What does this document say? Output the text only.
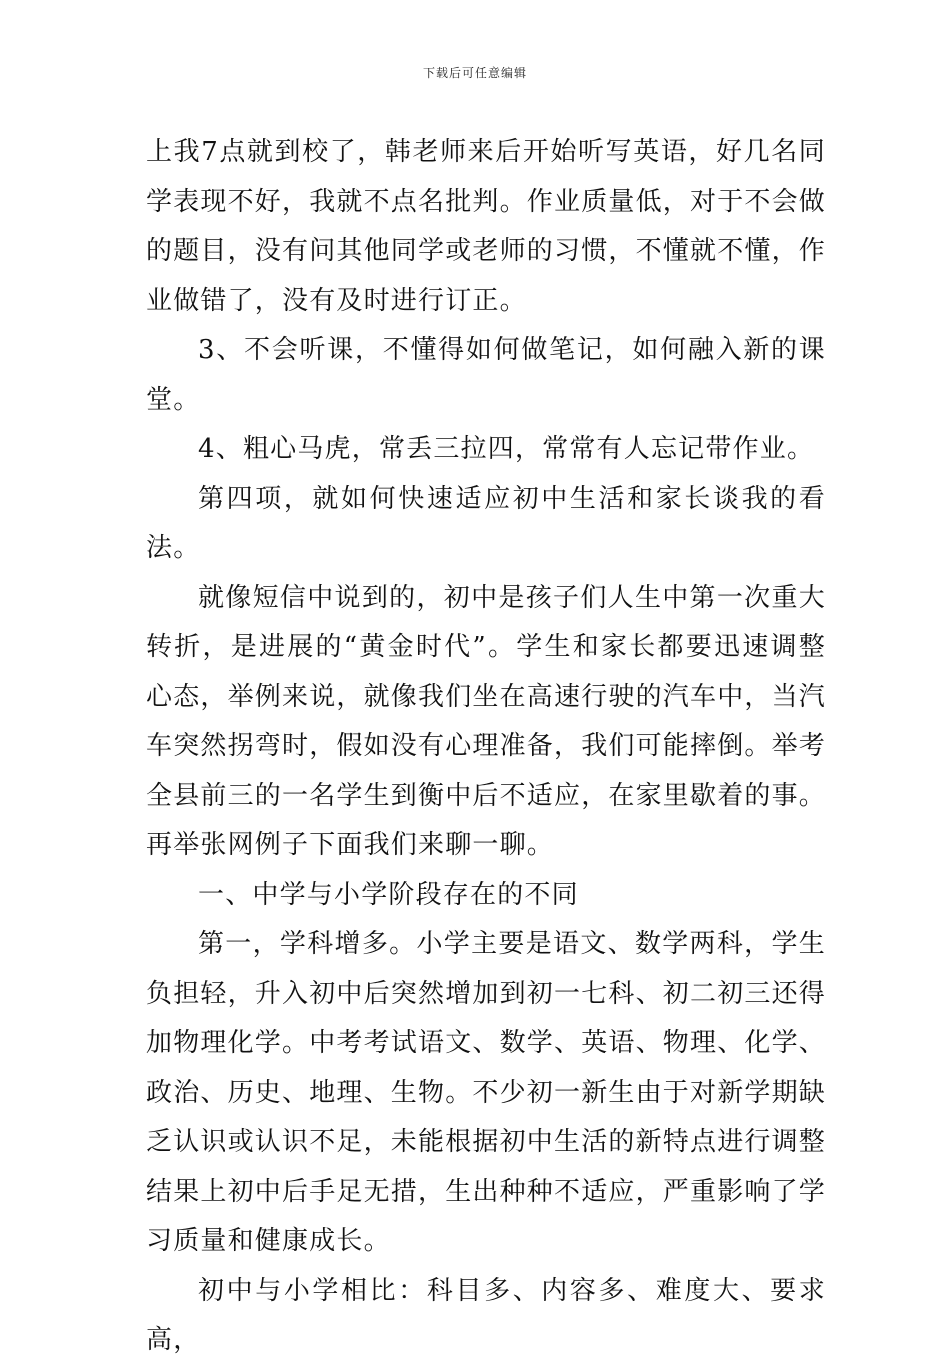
下载后可任意编辑

上我7点就到校了，韩老师来后开始听写英语，好几名同学表现不好，我就不点名批判。作业质量低，对于不会做的题目，没有问其他同学或老师的习惯，不懂就不懂，作业做错了，没有及时进行订正。

3、不会听课，不懂得如何做笔记，如何融入新的课堂。

4、粗心马虎，常丢三拉四，常常有人忘记带作业。

第四项，就如何快速适应初中生活和家长谈我的看法。

就像短信中说到的，初中是孩子们人生中第一次重大转折，是进展的“黄金时代”。学生和家长都要迅速调整心态，举例来说，就像我们坐在高速行驶的汽车中，当汽车突然拐弯时，假如没有心理准备，我们可能摔倒。举考全县前三的一名学生到衡中后不适应，在家里歇着的事。再举张网例子下面我们来聊一聊。

一、中学与小学阶段存在的不同

第一，学科增多。小学主要是语文、数学两科，学生负担轻，升入初中后突然增加到初一七科、初二初三还得加物理化学。中考考试语文、数学、英语、物理、化学、政治、历史、地理、生物。不少初一新生由于对新学期缺乏认识或认识不足，未能根据初中生活的新特点进行调整结果上初中后手足无措，生出种种不适应，严重影响了学习质量和健康成长。

初中与小学相比：科目多、内容多、难度大、要求高，
